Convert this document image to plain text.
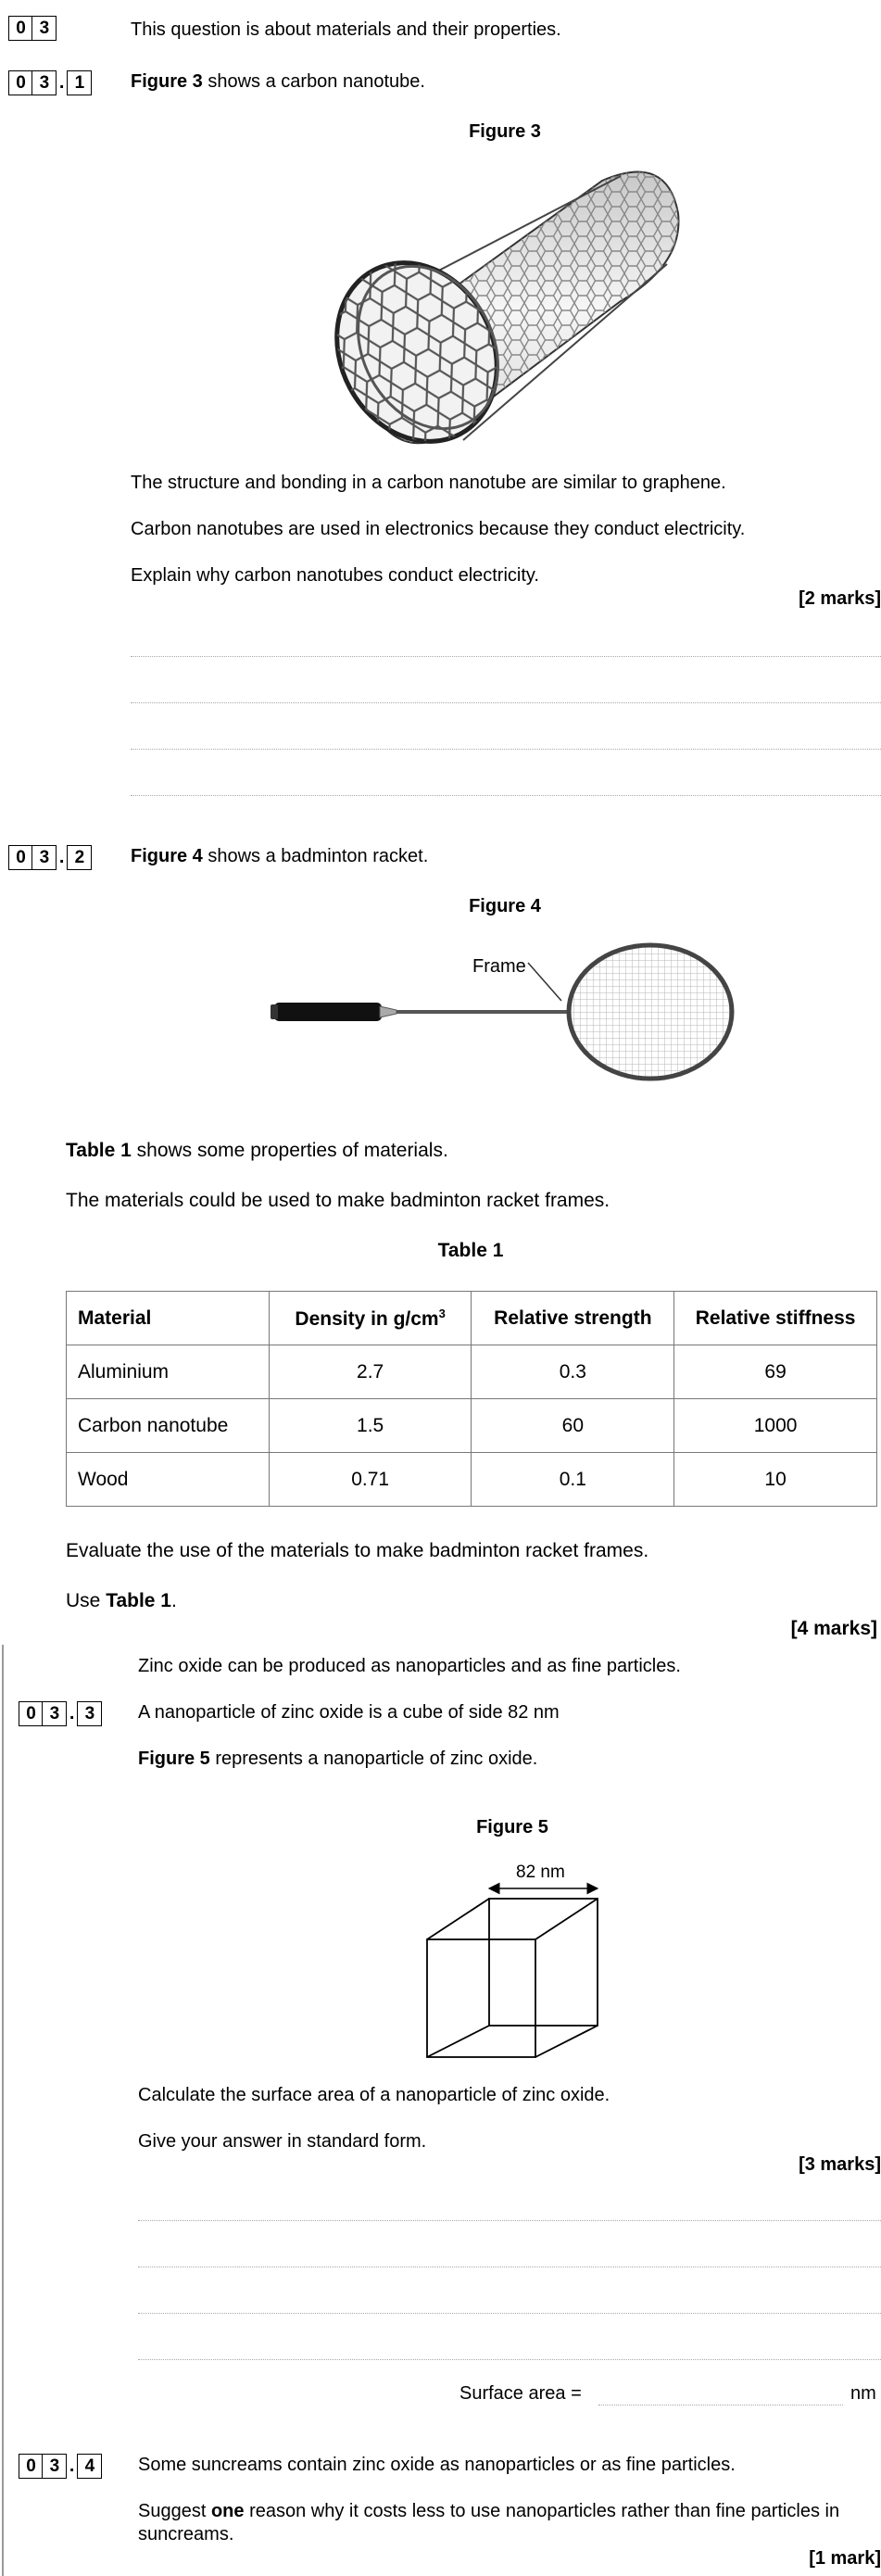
0 3	This question is about materials and their properties.
0 3 . 1	Figure 3 shows a carbon nanotube.
Figure 3
The structure and bonding in a carbon nanotube are similar to graphene.
Carbon nanotubes are used in electronics because they conduct electricity.
Explain why carbon nanotubes conduct electricity.
[2 marks]
0 3 . 2	Figure 4 shows a badminton racket.
Figure 4
Frame
Table 1 shows some properties of materials.
The materials could be used to make badminton racket frames.
Table 1
Material	Density in $g/cm^3$	Relative strength	Relative stiffness
Aluminium	2.7	0.3	69
Carbon nanotube	1.5	60	1000
Wood	0.71	0.1	10
Evaluate the use of the materials to make badminton racket frames.
Use Table 1.
[4 marks]
Zinc oxide can be produced as nanoparticles and as fine particles.
0 3 . 3	A nanoparticle of zinc oxide is a cube of side 82 nm
Figure 5 represents a nanoparticle of zinc oxide.
Figure 5
82 nm
Calculate the surface area of a nanoparticle of zinc oxide.
Give your answer in standard form.
[3 marks]
Surface area =	nm
0 3 . 4	Some suncreams contain zinc oxide as nanoparticles or as fine particles.
Suggest one reason why it costs less to use nanoparticles rather than fine particles in
suncreams.
[1 mark]
